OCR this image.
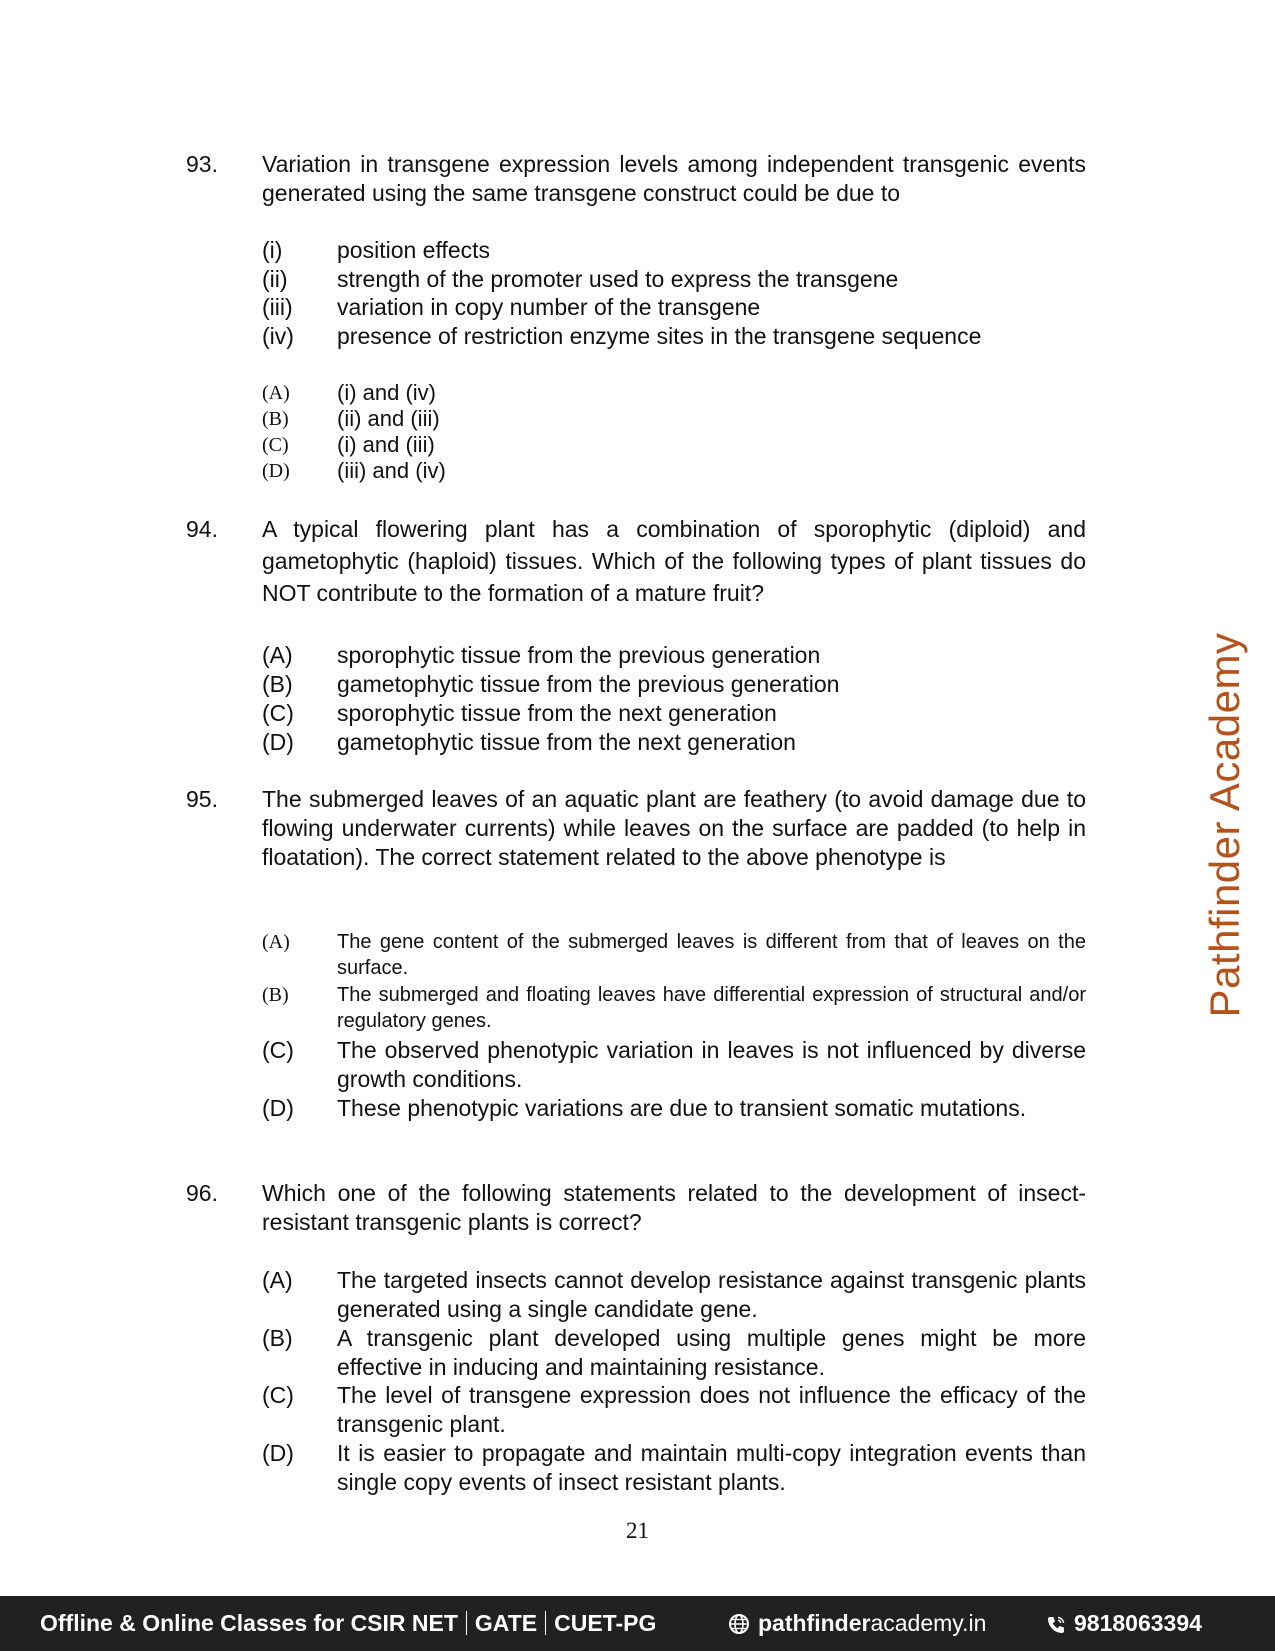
93. Variation in transgene expression levels among independent transgenic events generated using the same transgene construct could be due to
(i) position effects
(ii) strength of the promoter used to express the transgene
(iii) variation in copy number of the transgene
(iv) presence of restriction enzyme sites in the transgene sequence
(A) (i) and (iv)
(B) (ii) and (iii)
(C) (i) and (iii)
(D) (iii) and (iv)
94. A typical flowering plant has a combination of sporophytic (diploid) and gametophytic (haploid) tissues. Which of the following types of plant tissues do NOT contribute to the formation of a mature fruit?
(A) sporophytic tissue from the previous generation
(B) gametophytic tissue from the previous generation
(C) sporophytic tissue from the next generation
(D) gametophytic tissue from the next generation
95. The submerged leaves of an aquatic plant are feathery (to avoid damage due to flowing underwater currents) while leaves on the surface are padded (to help in floatation). The correct statement related to the above phenotype is
(A) The gene content of the submerged leaves is different from that of leaves on the surface.
(B) The submerged and floating leaves have differential expression of structural and/or regulatory genes.
(C) The observed phenotypic variation in leaves is not influenced by diverse growth conditions.
(D) These phenotypic variations are due to transient somatic mutations.
96. Which one of the following statements related to the development of insect-resistant transgenic plants is correct?
(A) The targeted insects cannot develop resistance against transgenic plants generated using a single candidate gene.
(B) A transgenic plant developed using multiple genes might be more effective in inducing and maintaining resistance.
(C) The level of transgene expression does not influence the efficacy of the transgenic plant.
(D) It is easier to propagate and maintain multi-copy integration events than single copy events of insect resistant plants.
21
Pathfinder Academy
Offline & Online Classes for CSIR NET GATE CUET-PG	pathfinderacademy.in	9818063394
